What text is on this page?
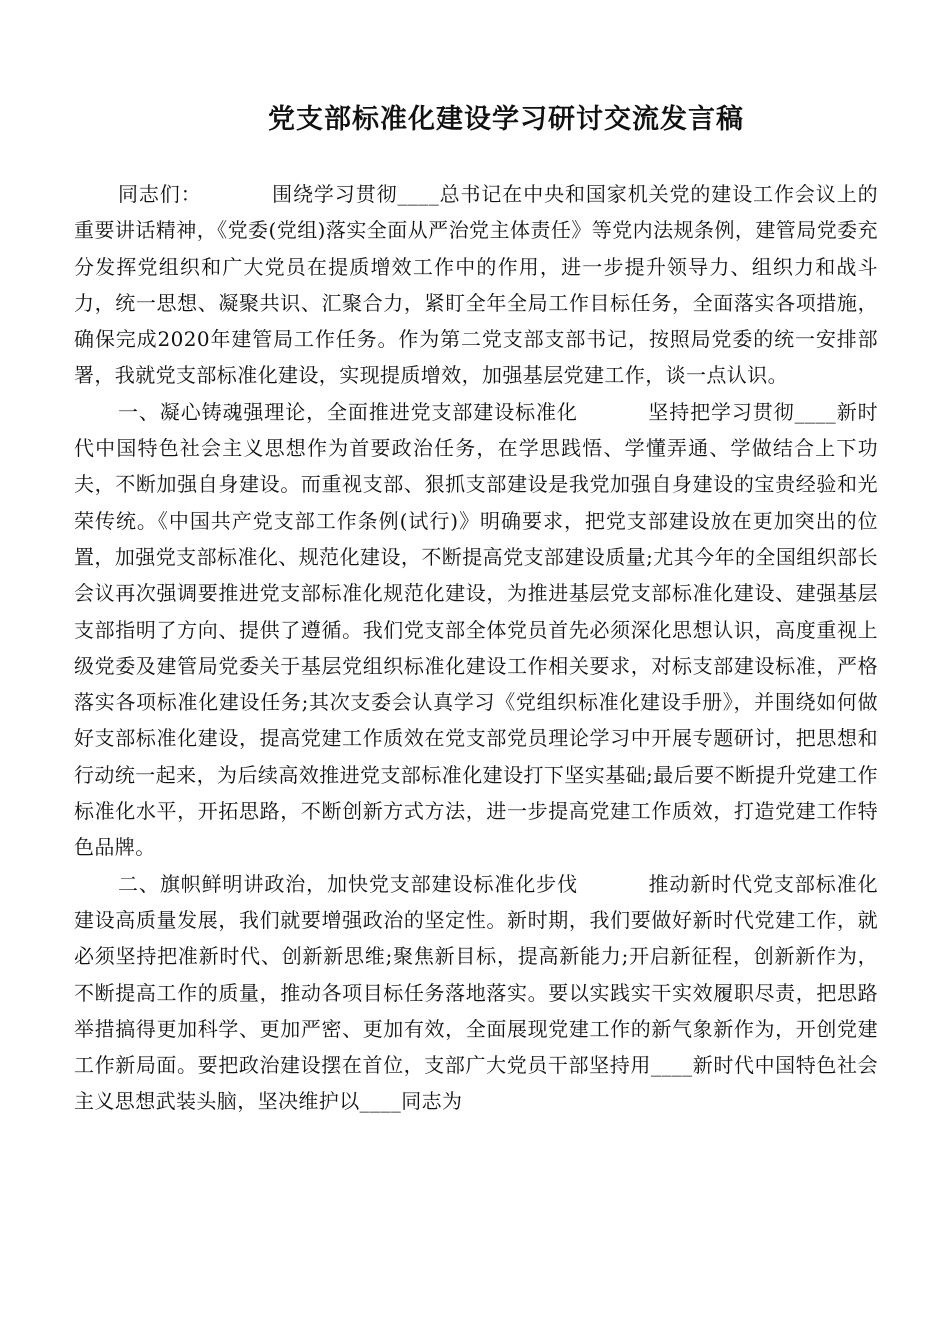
党支部标准化建设学习研讨交流发言稿

同志们：	围绕学习贯彻____总书记在中央和国家机关党的建设工作会议上的重要讲话精神，《党委(党组)落实全面从严治党主体责任》等党内法规条例，建管局党委充分发挥党组织和广大党员在提质增效工作中的作用，进一步提升领导力、组织力和战斗力，统一思想、凝聚共识、汇聚合力，紧盯全年全局工作目标任务，全面落实各项措施，确保完成2020年建管局工作任务。作为第二党支部支部书记，按照局党委的统一安排部署，我就党支部标准化建设，实现提质增效，加强基层党建工作，谈一点认识。

一、凝心铸魂强理论，全面推进党支部建设标准化	坚持把学习贯彻____新时代中国特色社会主义思想作为首要政治任务，在学思践悟、学懂弄通、学做结合上下功夫，不断加强自身建设。而重视支部、狠抓支部建设是我党加强自身建设的宝贵经验和光荣传统。《中国共产党支部工作条例(试行)》明确要求，把党支部建设放在更加突出的位置，加强党支部标准化、规范化建设，不断提高党支部建设质量;尤其今年的全国组织部长会议再次强调要推进党支部标准化规范化建设，为推进基层党支部标准化建设、建强基层支部指明了方向、提供了遵循。我们党支部全体党员首先必须深化思想认识，高度重视上级党委及建管局党委关于基层党组织标准化建设工作相关要求，对标支部建设标准，严格落实各项标准化建设任务;其次支委会认真学习《党组织标准化建设手册》，并围绕如何做好支部标准化建设，提高党建工作质效在党支部党员理论学习中开展专题研讨，把思想和行动统一起来，为后续高效推进党支部标准化建设打下坚实基础;最后要不断提升党建工作标准化水平，开拓思路，不断创新方式方法，进一步提高党建工作质效，打造党建工作特色品牌。

二、旗帜鲜明讲政治，加快党支部建设标准化步伐	推动新时代党支部标准化建设高质量发展，我们就要增强政治的坚定性。新时期，我们要做好新时代党建工作，就必须坚持把准新时代、创新新思维;聚焦新目标，提高新能力;开启新征程，创新新作为，不断提高工作的质量，推动各项目标任务落地落实。要以实践实干实效履职尽责，把思路举措搞得更加科学、更加严密、更加有效，全面展现党建工作的新气象新作为，开创党建工作新局面。要把政治建设摆在首位，支部广大党员干部坚持用____新时代中国特色社会主义思想武装头脑，坚决维护以____同志为
